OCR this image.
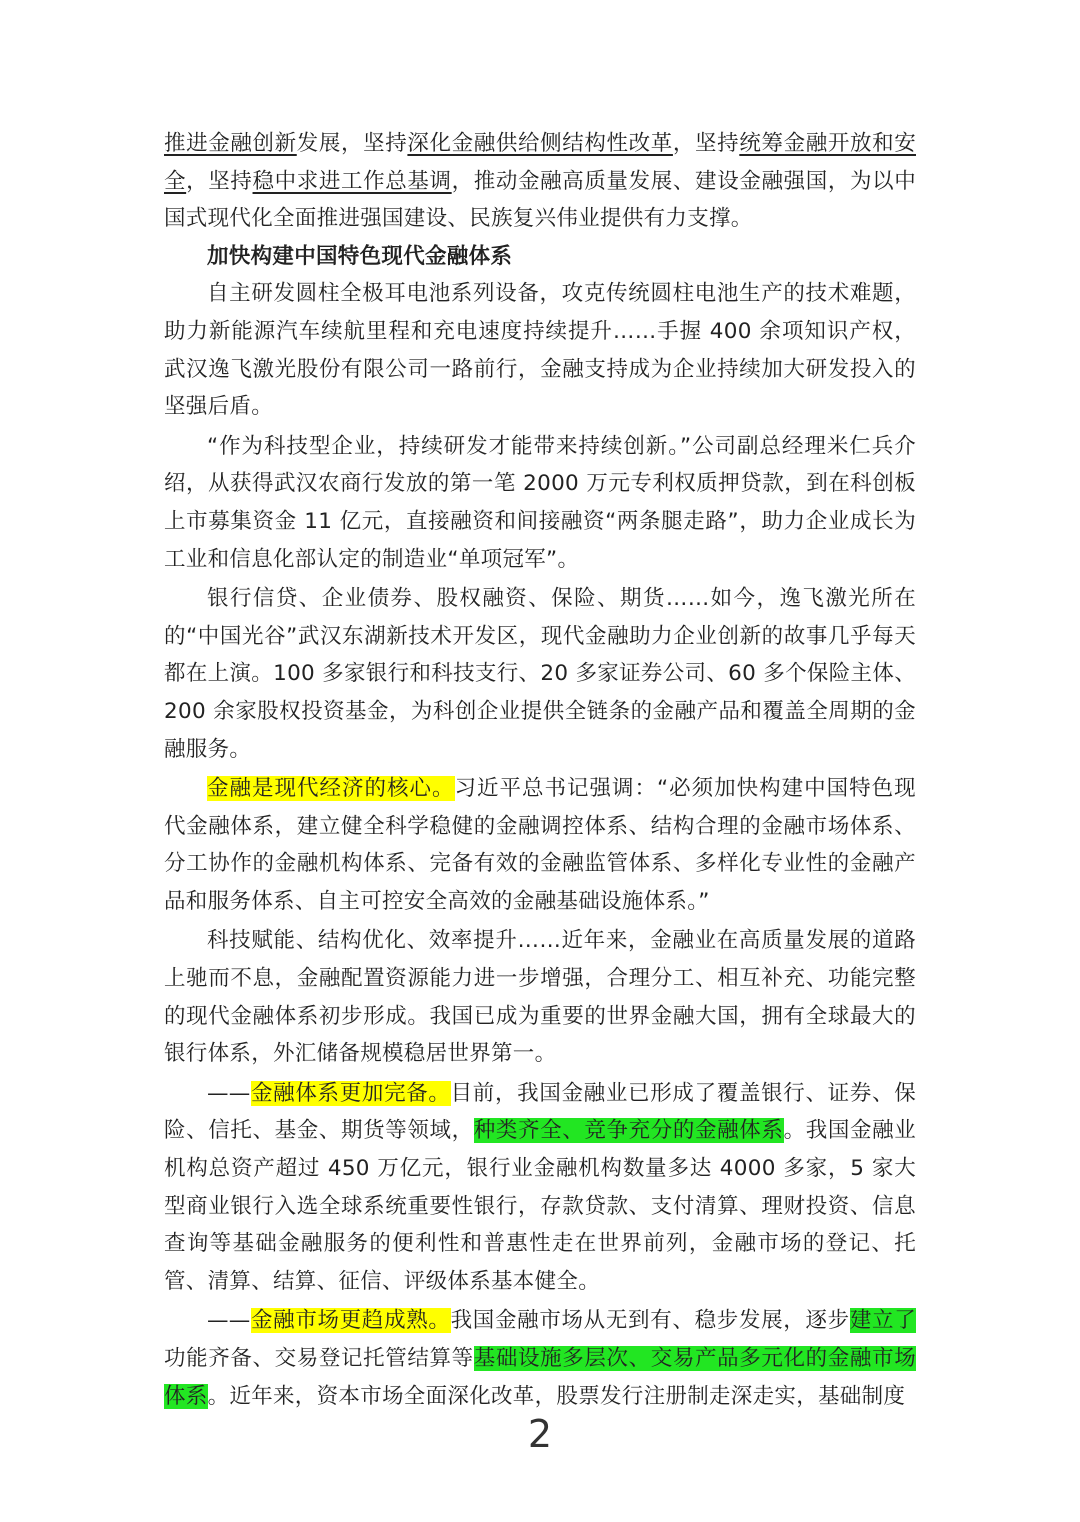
推进金融创新发展，坚持深化金融供给侧结构性改革，坚持统筹金融开放和安全，坚持稳中求进工作总基调，推动金融高质量发展、建设金融强国，为以中国式现代化全面推进强国建设、民族复兴伟业提供有力支撑。

加快构建中国特色现代金融体系

自主研发圆柱全极耳电池系列设备，攻克传统圆柱电池生产的技术难题，助力新能源汽车续航里程和充电速度持续提升……手握 400 余项知识产权，武汉逸飞激光股份有限公司一路前行，金融支持成为企业持续加大研发投入的坚强后盾。

“作为科技型企业，持续研发才能带来持续创新。”公司副总经理米仁兵介绍，从获得武汉农商行发放的第一笔 2000 万元专利权质押贷款，到在科创板上市募集资金 11 亿元，直接融资和间接融资“两条腿走路”，助力企业成长为工业和信息化部认定的制造业“单项冠军”。

银行信贷、企业债券、股权融资、保险、期货……如今，逸飞激光所在的“中国光谷”武汉东湖新技术开发区，现代金融助力企业创新的故事几乎每天都在上演。100 多家银行和科技支行、20 多家证券公司、60 多个保险主体、200 余家股权投资基金，为科创企业提供全链条的金融产品和覆盖全周期的金融服务。

金融是现代经济的核心。习近平总书记强调：“必须加快构建中国特色现代金融体系，建立健全科学稳健的金融调控体系、结构合理的金融市场体系、分工协作的金融机构体系、完备有效的金融监管体系、多样化专业性的金融产品和服务体系、自主可控安全高效的金融基础设施体系。”

科技赋能、结构优化、效率提升……近年来，金融业在高质量发展的道路上驰而不息，金融配置资源能力进一步增强，合理分工、相互补充、功能完整的现代金融体系初步形成。我国已成为重要的世界金融大国，拥有全球最大的银行体系，外汇储备规模稳居世界第一。

——金融体系更加完备。目前，我国金融业已形成了覆盖银行、证券、保险、信托、基金、期货等领域，种类齐全、竞争充分的金融体系。我国金融业机构总资产超过 450 万亿元，银行业金融机构数量多达 4000 多家，5 家大型商业银行入选全球系统重要性银行，存款贷款、支付清算、理财投资、信息查询等基础金融服务的便利性和普惠性走在世界前列，金融市场的登记、托管、清算、结算、征信、评级体系基本健全。

——金融市场更趋成熟。我国金融市场从无到有、稳步发展，逐步建立了功能齐备、交易登记托管结算等基础设施多层次、交易产品多元化的金融市场体系。近年来，资本市场全面深化改革，股票发行注册制走深走实，基础制度

2
